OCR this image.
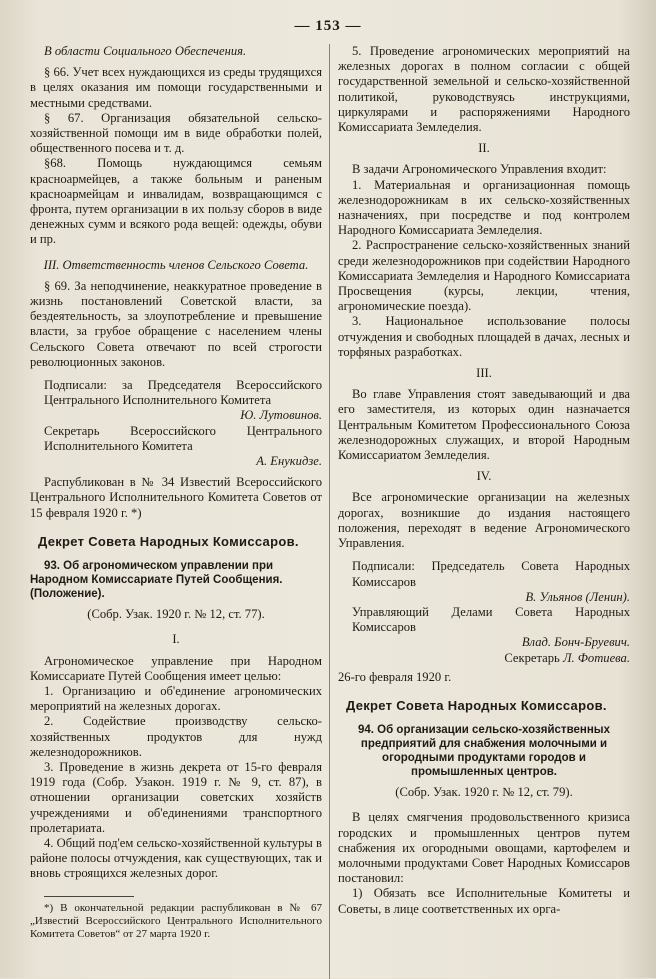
— 153 —

В области Социального Обеспечения.

§ 66. Учет всех нуждающихся из среды трудящихся в целях оказания им помощи государственными и местными средствами.

§ 67. Организация обязательной сельско-хозяйственной помощи им в виде обработки полей, общественного посева и т. д.

§68. Помощь нуждающимся семьям красноармейцев, а также больным и раненым красноармейцам и инвалидам, возвращающимся с фронта, путем организации в их пользу сборов в виде денежных сумм и всякого рода вещей: одежды, обуви и пр.

III. Ответственность членов Сельского Совета.

§ 69. За неподчинение, неаккуратное проведение в жизнь постановлений Советской власти, за бездеятельность, за злоупотребление и превышение власти, за грубое обращение с населением члены Сельского Совета отвечают по всей строгости революционных законов.

Подписали: за Председателя Всероссийского Центрального Исполнительного Комитета

Ю. Лутовинов.

Секретарь Всероссийского Центрального Исполнительного Комитета

А. Енукидзе.

Распубликован в № 34 Известий Всероссийского Центрального Исполнительного Комитета Советов от 15 февраля 1920 г. *)

Декрет Совета Народных Комиссаров.

93. Об агрономическом управлении при Народном Комиссариате Путей Сообщения. (Положение).

(Собр. Узак. 1920 г. № 12, ст. 77).

I.

Агрономическое управление при Народном Комиссариате Путей Сообщения имеет целью:

1. Организацию и об'единение агрономических мероприятий на железных дорогах.

2. Содействие производству сельско-хозяйственных продуктов для нужд железнодорожников.

3. Проведение в жизнь декрета от 15-го февраля 1919 года (Собр. Узакон. 1919 г. № 9, ст. 87), в отношении организации советских хозяйств учреждениями и об'единениями транспортного пролетариата.

4. Общий под'ем сельско-хозяйственной культуры в районе полосы отчуждения, как существующих, так и вновь строящихся железных дорог.

*) В окончательной редакции распубликован в № 67 „Известий Всероссийского Центрального Исполнительного Комитета Советов“ от 27 марта 1920 г.

5. Проведение агрономических мероприятий на железных дорогах в полном согласии с общей государственной земельной и сельско-хозяйственной политикой, руководствуясь инструкциями, циркулярами и распоряжениями Народного Комиссариата Земледелия.

II.

В задачи Агрономического Управления входит:

1. Материальная и организационная помощь железнодорожникам в их сельско-хозяйственных назначениях, при посредстве и под контролем Народного Комиссариата Земледелия.

2. Распространение сельско-хозяйственных знаний среди железнодорожников при содействии Народного Комиссариата Земледелия и Народного Комиссариата Просвещения (курсы, лекции, чтения, агрономические поезда).

3. Национальное использование полосы отчуждения и свободных площадей в дачах, лесных и торфяных разработках.

III.

Во главе Управления стоят заведывающий и два его заместителя, из которых один назначается Центральным Комитетом Профессионального Союза железнодорожных служащих, и второй Народным Комиссариатом Земледелия.

IV.

Все агрономические организации на железных дорогах, возникшие до издания настоящего положения, переходят в ведение Агрономического Управления.

Подписали: Председатель Совета Народных Комиссаров

В. Ульянов (Ленин).

Управляющий Делами Совета Народных Комиссаров

Влад. Бонч-Бруевич.

Секретарь Л. Фотиева.

26-го февраля 1920 г.

Декрет Совета Народных Комиссаров.

94. Об организации сельско-хозяйственных предприятий для снабжения молочными и огородными продуктами городов и промышленных центров.

(Собр. Узак. 1920 г. № 12, ст. 79).

В целях смягчения продовольственного кризиса городских и промышленных центров путем снабжения их огородными овощами, картофелем и молочными продуктами Совет Народных Комиссаров постановил:

1) Обязать все Исполнительные Комитеты и Советы, в лице соответственных их орга-
